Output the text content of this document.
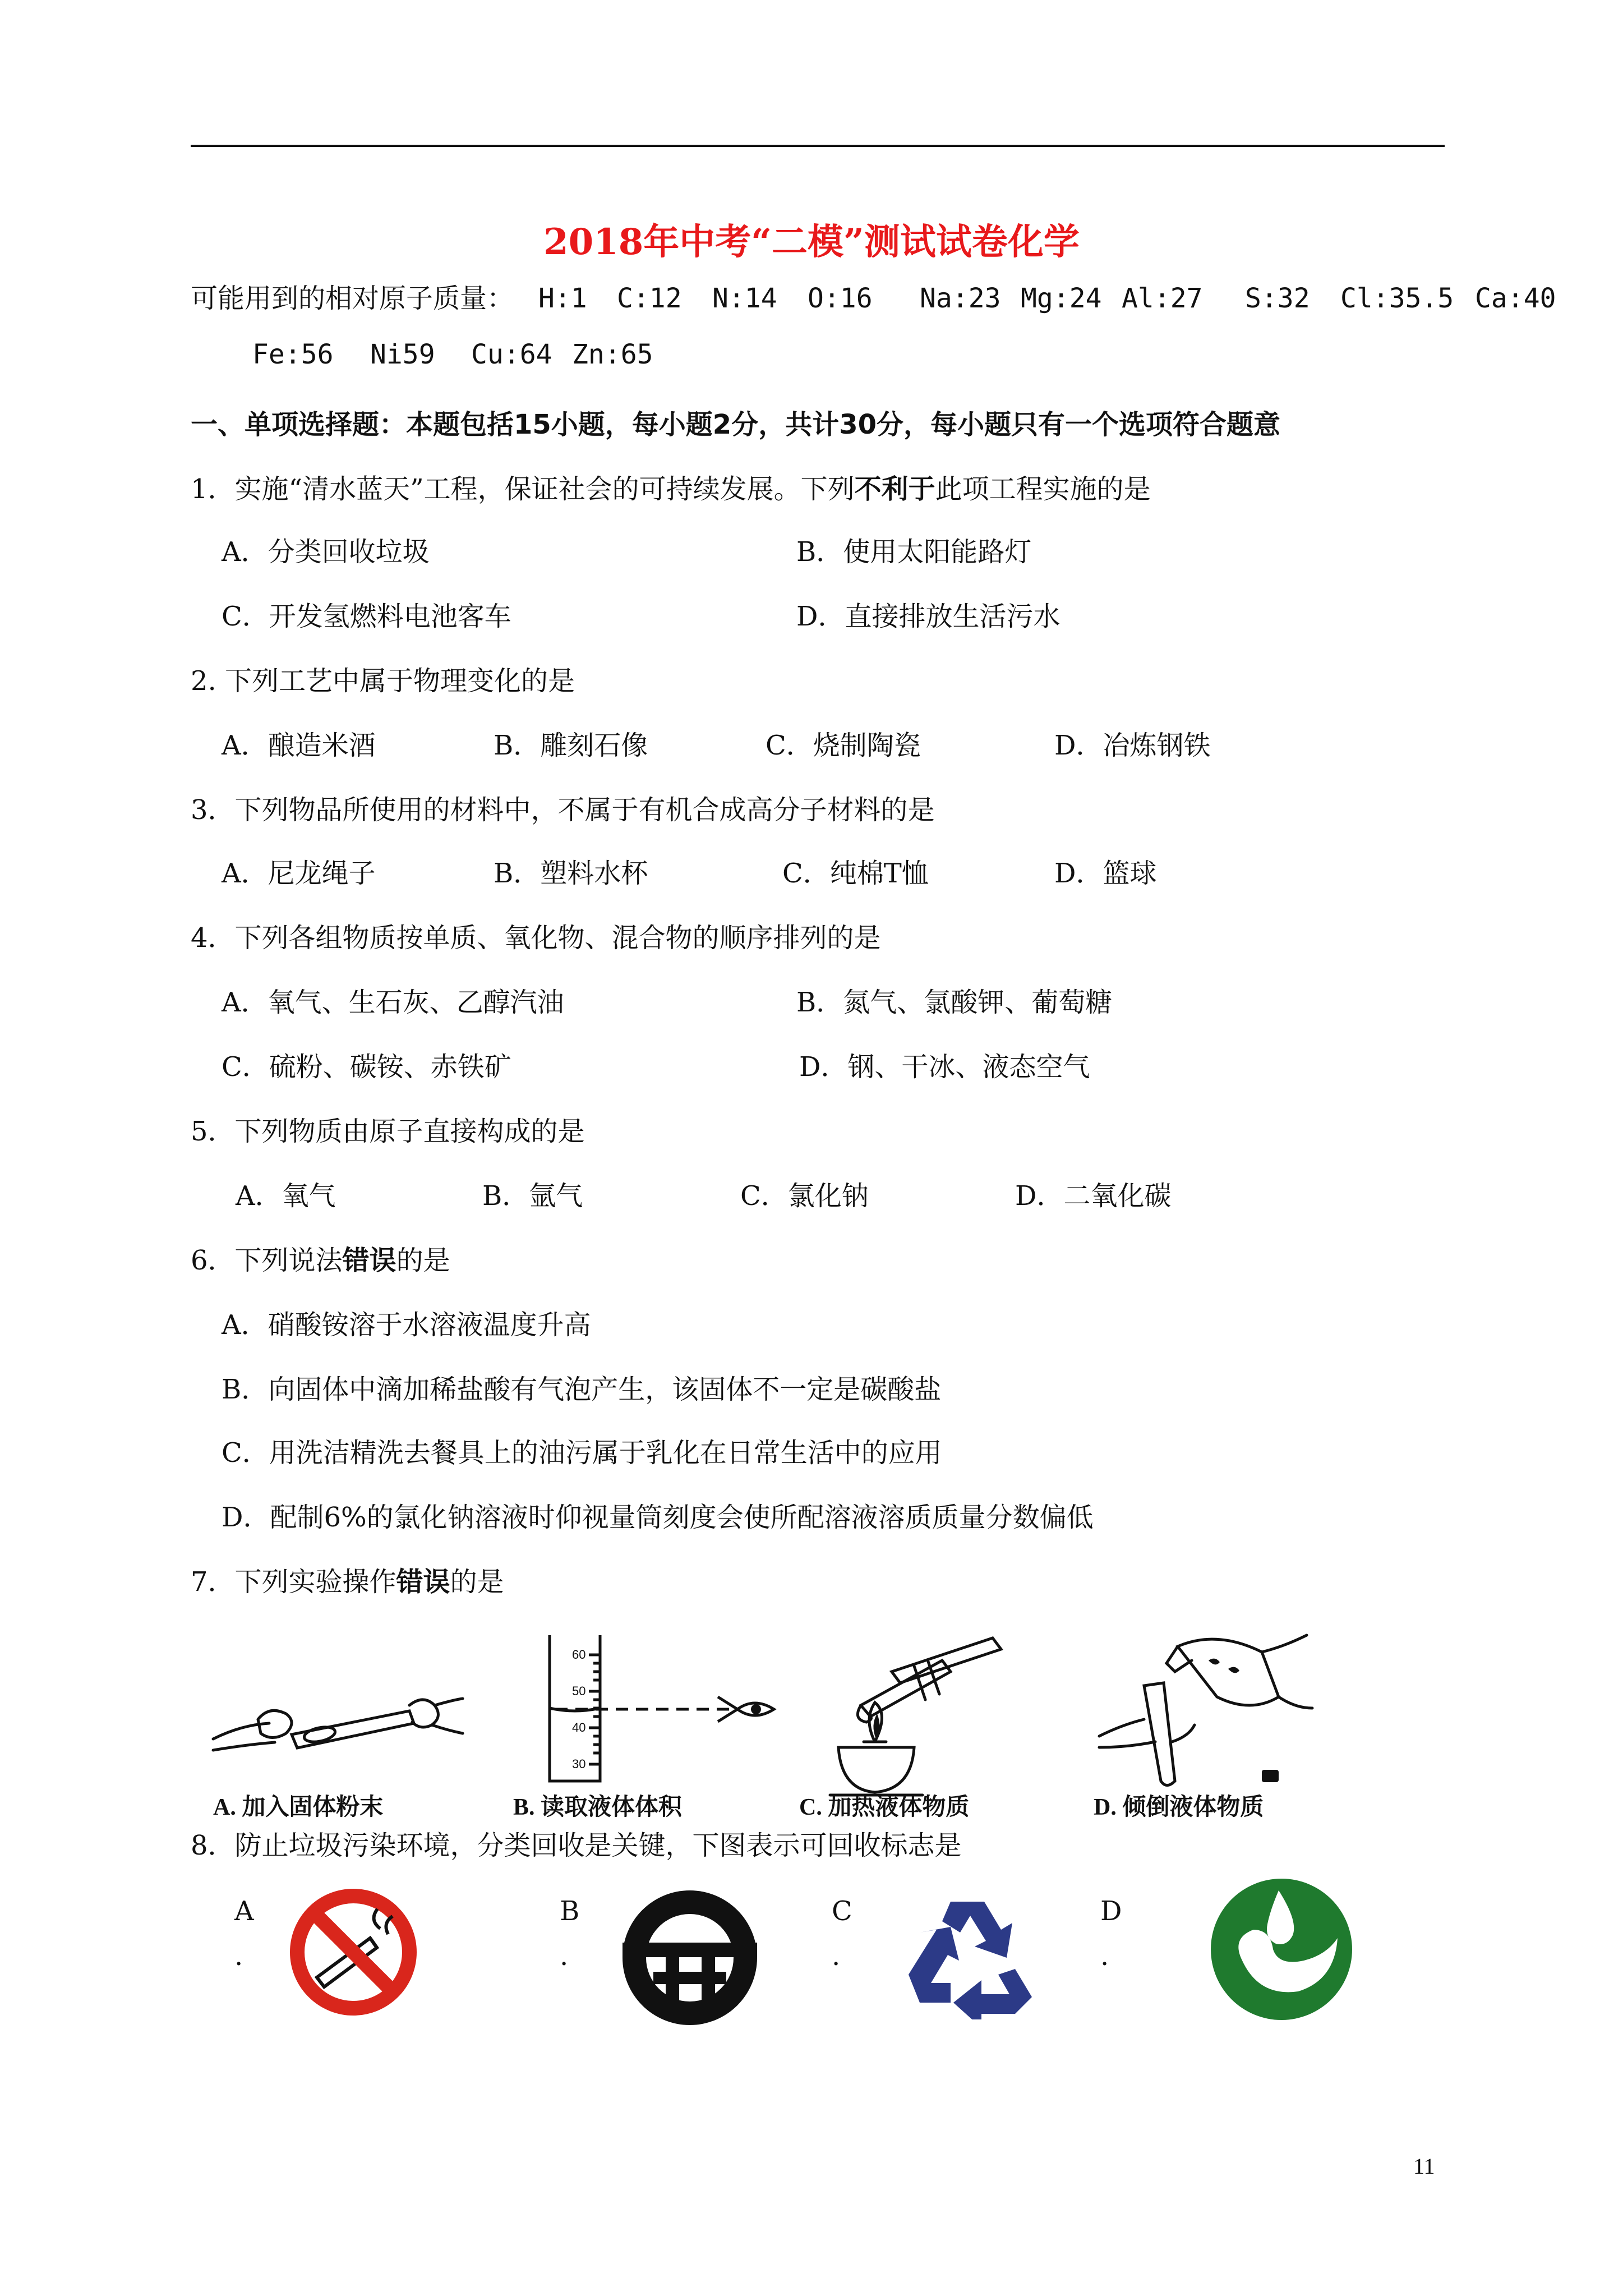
2018年中考“二模”测试试卷化学
可能用到的相对原子质量： H:1 C:12 N:14 O:16 Na:23 Mg:24 Al:27 S:32 Cl:35.5 Ca:40
Fe:56 Ni59 Cu:64 Zn:65
一、单项选择题：本题包括15小题，每小题2分，共计30分，每小题只有一个选项符合题意
1．实施“清水蓝天”工程，保证社会的可持续发展。下列不利于此项工程实施的是
A．分类回收垃圾	B．使用太阳能路灯
C．开发氢燃料电池客车	D．直接排放生活污水
2. 下列工艺中属于物理变化的是
A．酿造米酒	B．雕刻石像	C．烧制陶瓷	D．冶炼钢铁
3．下列物品所使用的材料中，不属于有机合成高分子材料的是
A．尼龙绳子	B．塑料水杯	C．纯棉T恤	D．篮球
4．下列各组物质按单质、氧化物、混合物的顺序排列的是
A．氧气、生石灰、乙醇汽油	B．氮气、氯酸钾、葡萄糖
C．硫粉、碳铵、赤铁矿	D．钢、干冰、液态空气
5．下列物质由原子直接构成的是
A．氧气	B．氩气	C．氯化钠	D．二氧化碳
6．下列说法错误的是
A．硝酸铵溶于水溶液温度升高
B．向固体中滴加稀盐酸有气泡产生，该固体不一定是碳酸盐
C．用洗洁精洗去餐具上的油污属于乳化在日常生活中的应用
D．配制6%的氯化钠溶液时仰视量筒刻度会使所配溶液溶质质量分数偏低
7．下列实验操作错误的是
60
50
40
30
A. 加入固体粉末	B. 读取液体体积	C. 加热液体物质	D. 倾倒液体物质
8．防止垃圾污染环境，分类回收是关键，下图表示可回收标志是
A
.
B
.
C
.
D
.
11
